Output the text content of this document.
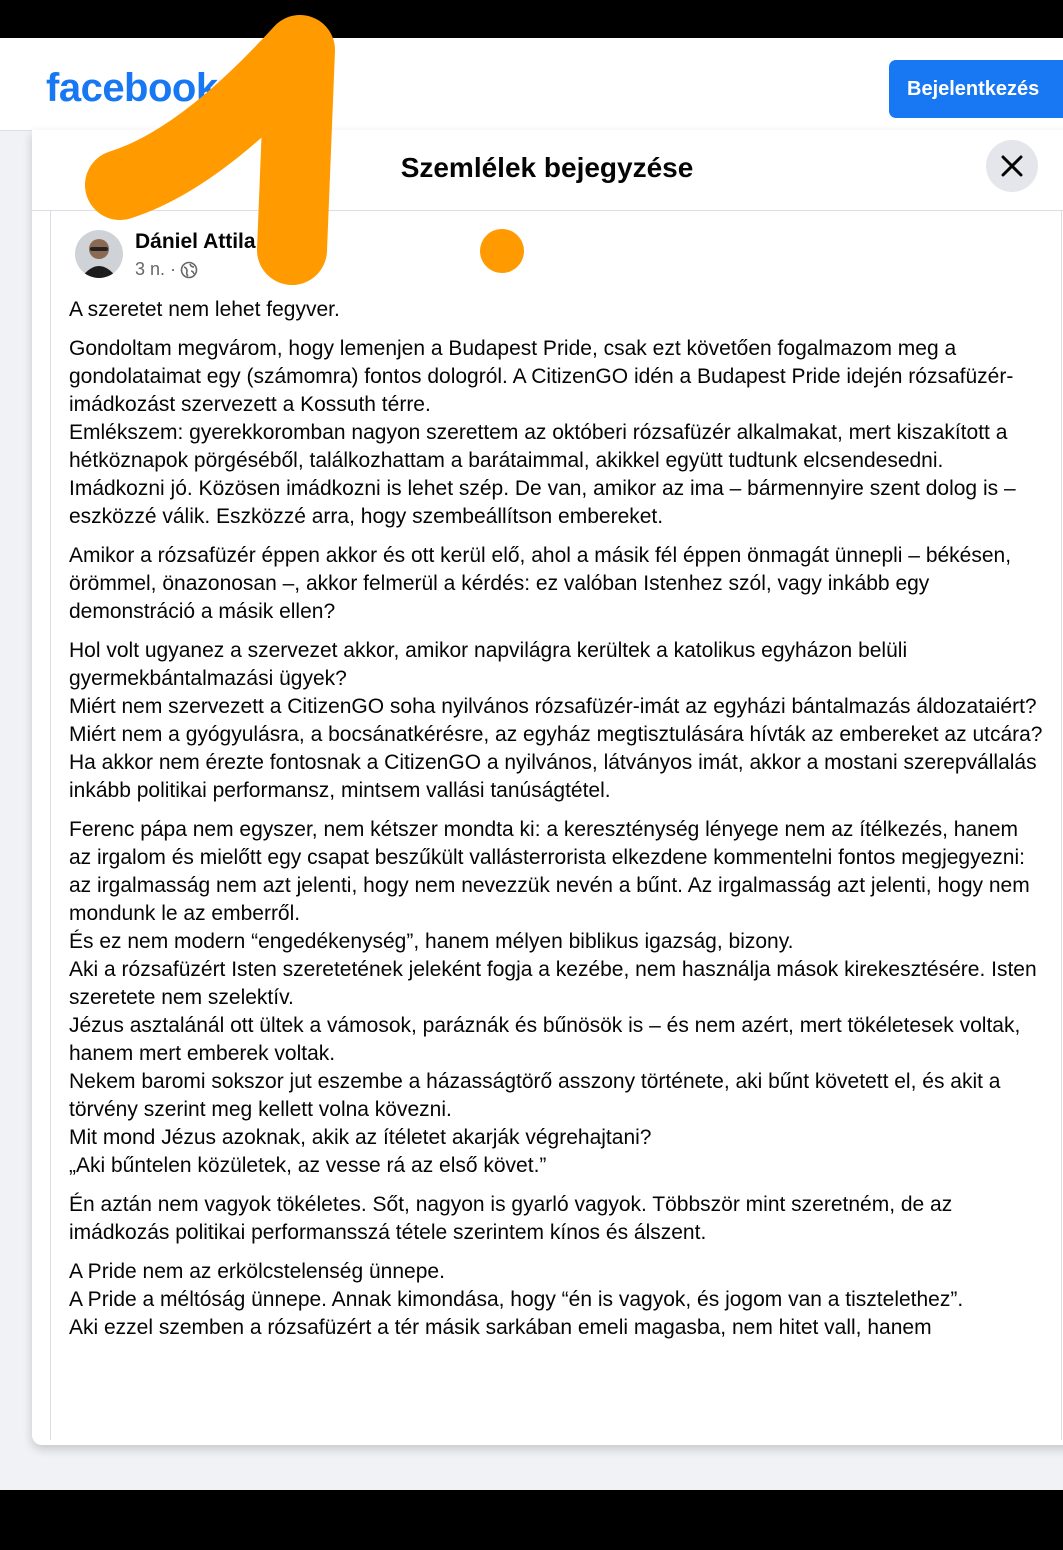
facebook	Bejelentkezés
Szemlélek bejegyzése
Dániel Attila
3 n. ·

A szeretet nem lehet fegyver.

Gondoltam megvárom, hogy lemenjen a Budapest Pride, csak ezt követően fogalmazom meg a gondolataimat egy (számomra) fontos dologról. A CitizenGO idén a Budapest Pride idején rózsafüzér-imádkozást szervezett a Kossuth térre.
Emlékszem: gyerekkoromban nagyon szerettem az októberi rózsafüzér alkalmakat, mert kiszakított a hétköznapok pörgéséből, találkozhattam a barátaimmal, akikkel együtt tudtunk elcsendesedni.
Imádkozni jó. Közösen imádkozni is lehet szép. De van, amikor az ima – bármennyire szent dolog is – eszközzé válik. Eszközzé arra, hogy szembeállítson embereket.

Amikor a rózsafüzér éppen akkor és ott kerül elő, ahol a másik fél éppen önmagát ünnepli – békésen, örömmel, önazonosan –, akkor felmerül a kérdés: ez valóban Istenhez szól, vagy inkább egy demonstráció a másik ellen?

Hol volt ugyanez a szervezet akkor, amikor napvilágra kerültek a katolikus egyházon belüli gyermekbántalmazási ügyek?
Miért nem szervezett a CitizenGO soha nyilvános rózsafüzér-imát az egyházi bántalmazás áldozataiért? Miért nem a gyógyulásra, a bocsánatkérésre, az egyház megtisztulására hívták az embereket az utcára?
Ha akkor nem érezte fontosnak a CitizenGO a nyilvános, látványos imát, akkor a mostani szerepvállalás inkább politikai performansz, mintsem vallási tanúságtétel.

Ferenc pápa nem egyszer, nem kétszer mondta ki: a kereszténység lényege nem az ítélkezés, hanem az irgalom és mielőtt egy csapat beszűkült vallásterrorista elkezdene kommentelni fontos megjegyezni: az irgalmasság nem azt jelenti, hogy nem nevezzük nevén a bűnt. Az irgalmasság azt jelenti, hogy nem mondunk le az emberről.
És ez nem modern “engedékenység”, hanem mélyen biblikus igazság, bizony.
Aki a rózsafüzért Isten szeretetének jeleként fogja a kezébe, nem használja mások kirekesztésére. Isten szeretete nem szelektív.
Jézus asztalánál ott ültek a vámosok, paráznák és bűnösök is – és nem azért, mert tökéletesek voltak, hanem mert emberek voltak.
Nekem baromi sokszor jut eszembe a házasságtörő asszony története, aki bűnt követett el, és akit a törvény szerint meg kellett volna kövezni.
Mit mond Jézus azoknak, akik az ítéletet akarják végrehajtani?
„Aki bűntelen közületek, az vesse rá az első követ.”

Én aztán nem vagyok tökéletes. Sőt, nagyon is gyarló vagyok. Többször mint szeretném, de az imádkozás politikai performansszá tétele szerintem kínos és álszent.

A Pride nem az erkölcstelenség ünnepe.
A Pride a méltóság ünnepe. Annak kimondása, hogy “én is vagyok, és jogom van a tisztelethez”.
Aki ezzel szemben a rózsafüzért a tér másik sarkában emeli magasba, nem hitet vall, hanem
